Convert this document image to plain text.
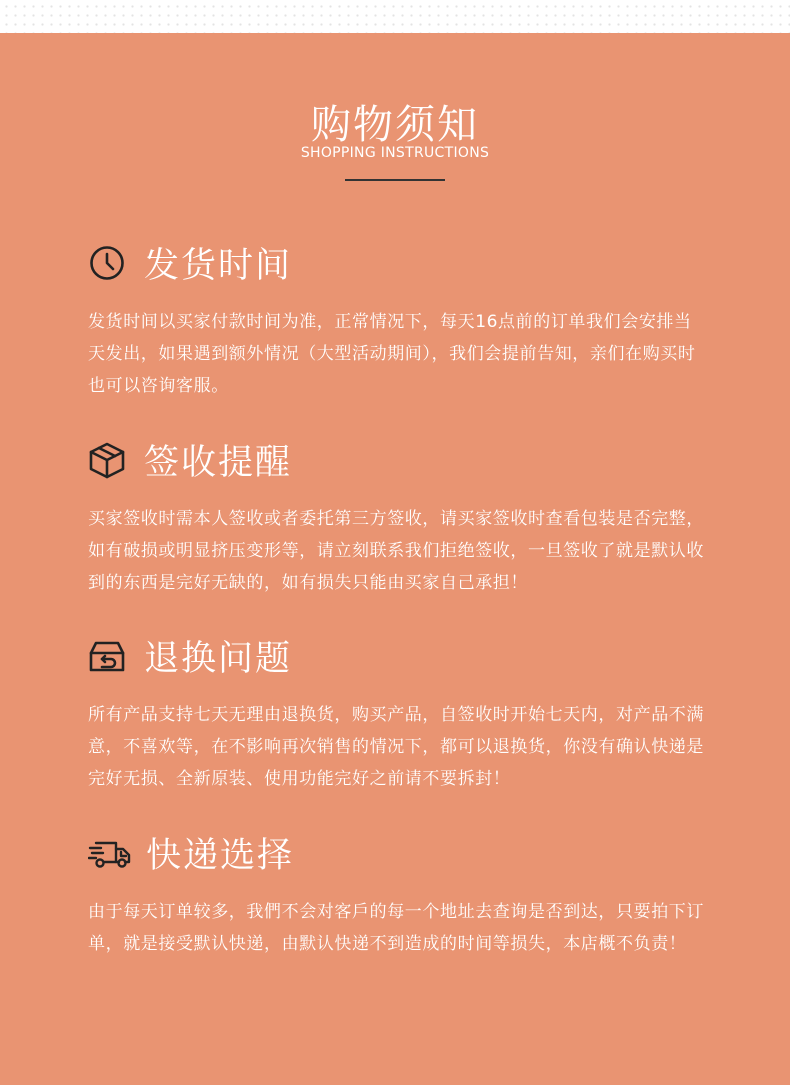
购物须知

SHOPPING INSTRUCTIONS

发货时间

发货时间以买家付款时间为准，正常情况下，每天16点前的订单我们会安排当天发出，如果遇到额外情况（大型活动期间），我们会提前告知，亲们在购买时也可以咨询客服。

签收提醒

买家签收时需本人签收或者委托第三方签收，请买家签收时查看包装是否完整，如有破损或明显挤压变形等，请立刻联系我们拒绝签收，一旦签收了就是默认收到的东西是完好无缺的，如有损失只能由买家自己承担！

退换问题

所有产品支持七天无理由退换货，购买产品，自签收时开始七天内，对产品不满意，不喜欢等，在不影响再次销售的情况下，都可以退换货，你没有确认快递是完好无损、全新原装、使用功能完好之前请不要拆封！

快递选择

由于每天订单较多，我們不会对客戶的每一个地址去查询是否到达，只要拍下订单，就是接受默认快递，由默认快递不到造成的时间等损失，本店概不负责！
